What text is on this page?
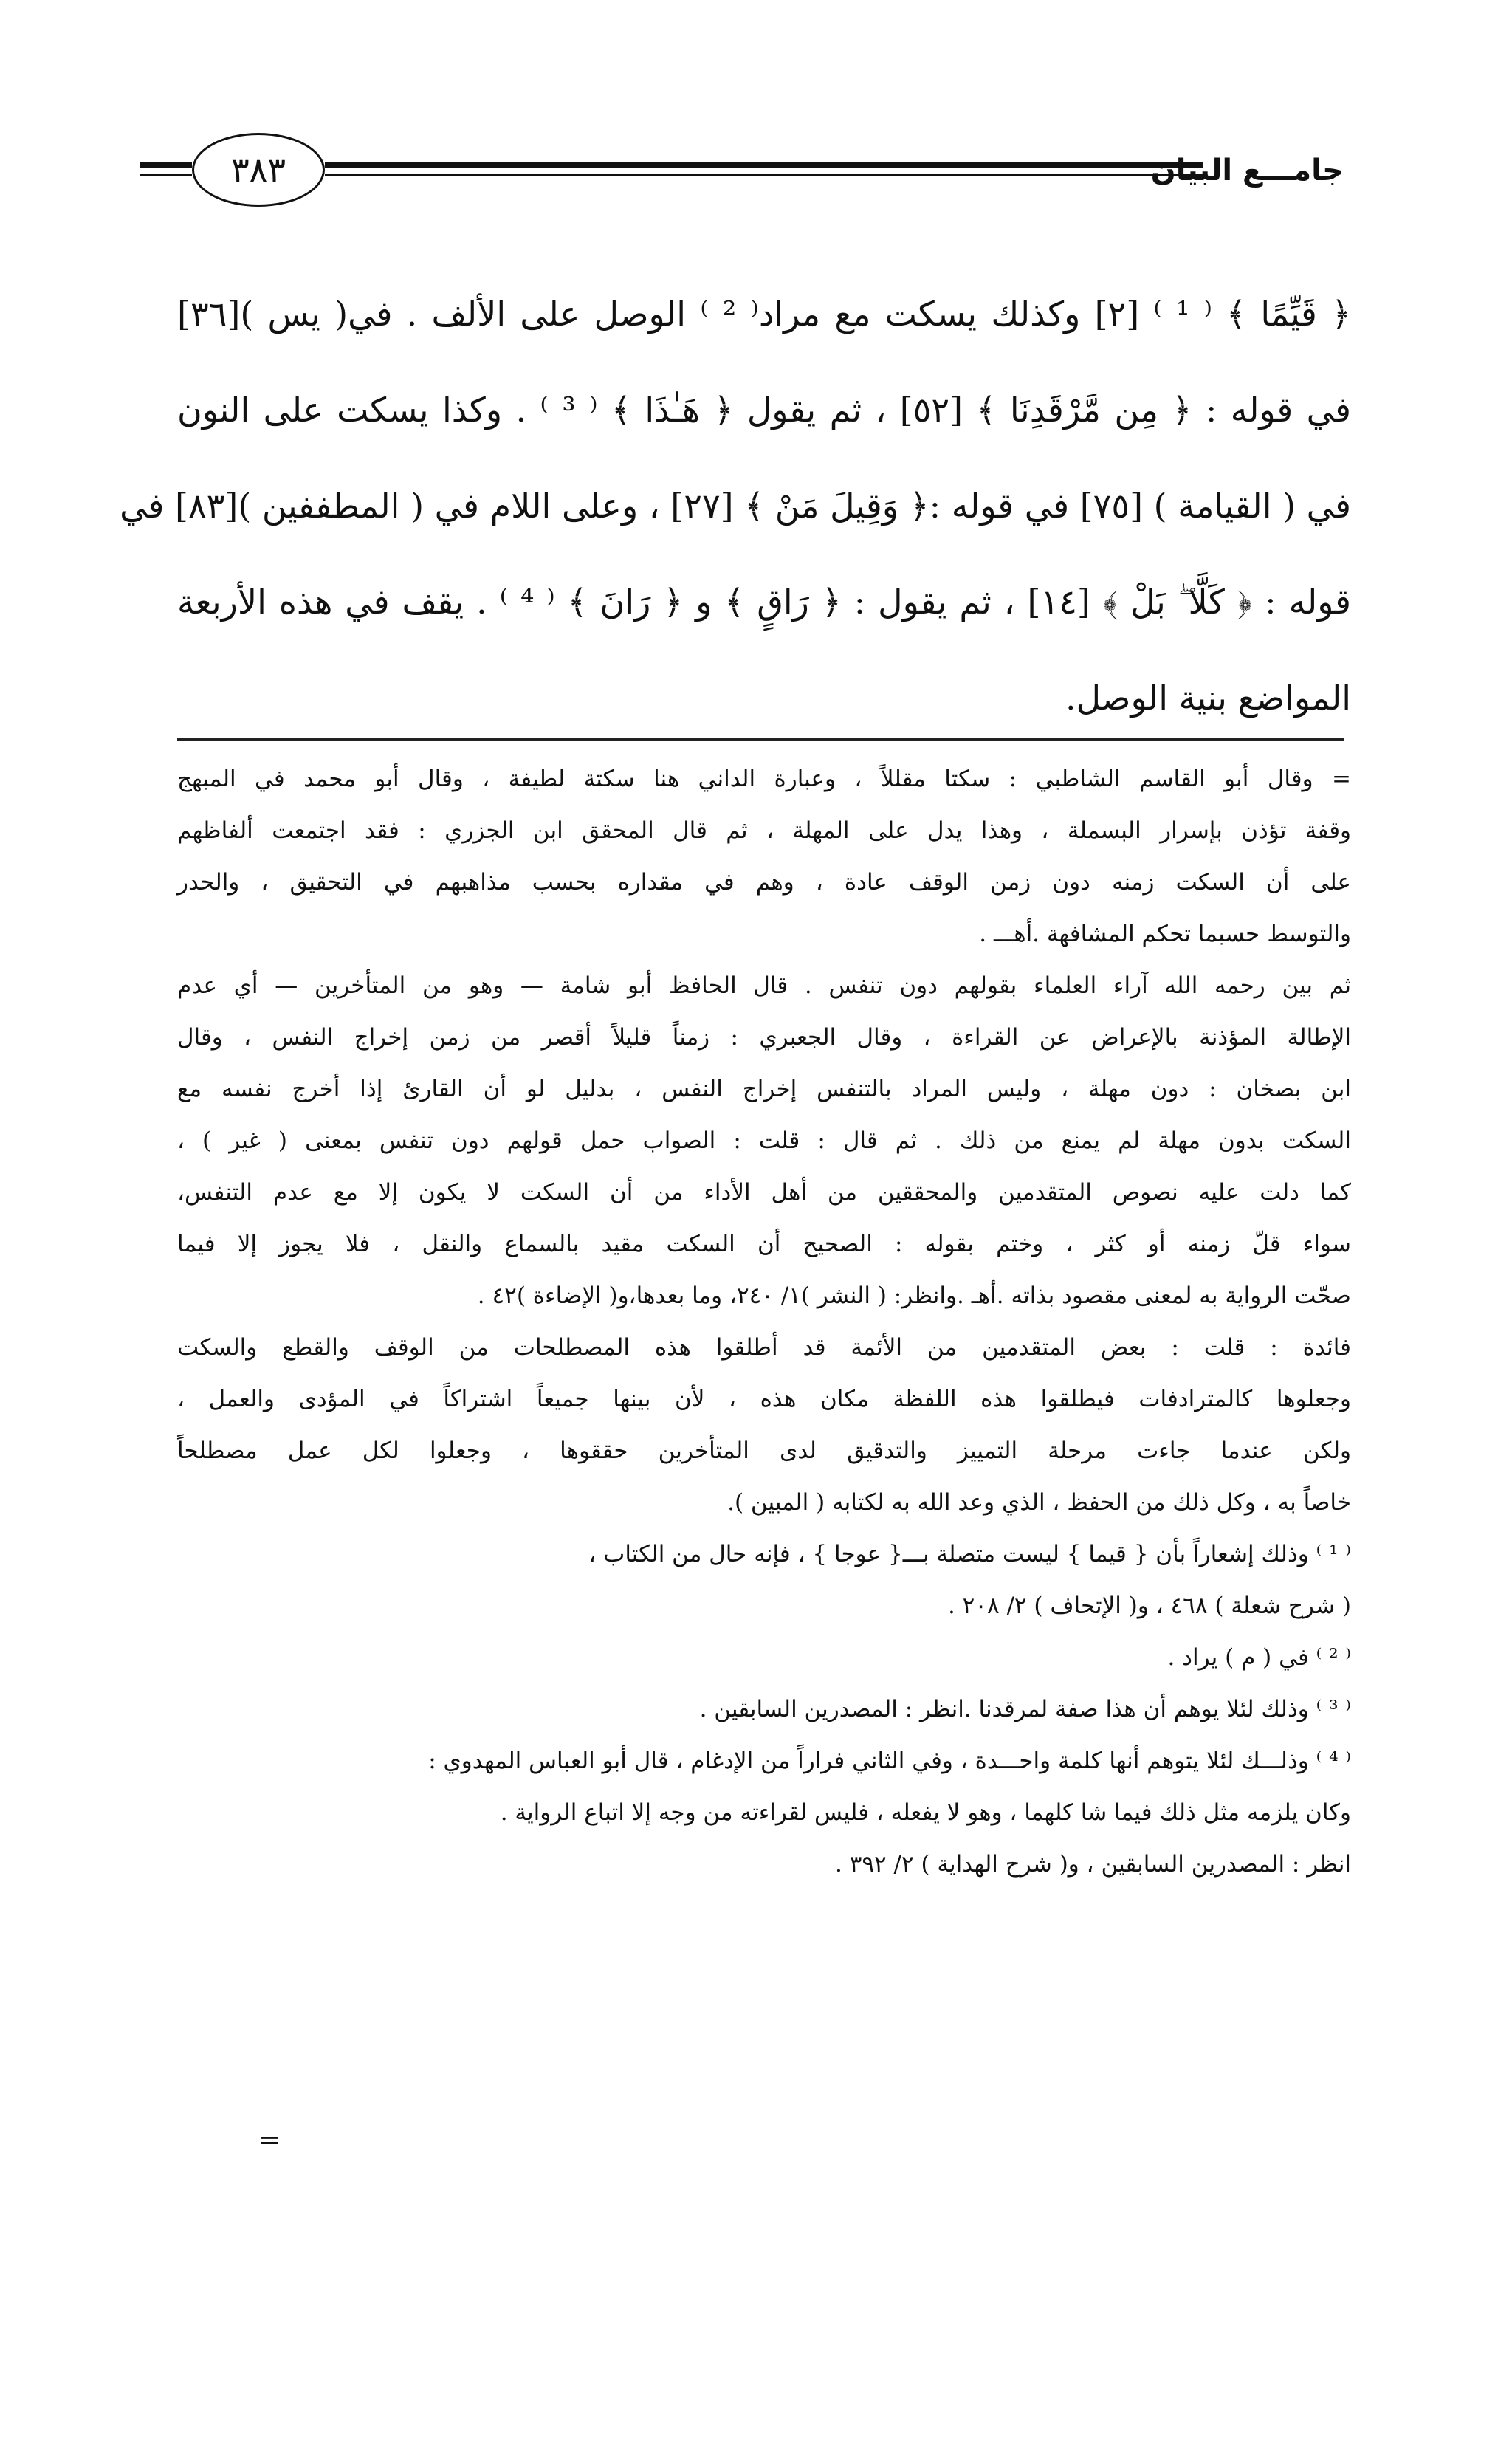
٣٨٣	جامـــع البيان
﴿ قَيِّمًا ﴾ ⁽ ¹ ⁾ [٢] وكذلك يسكت مع مراد⁽ ² ⁾ الوصل على الألف . في( يس )[٣٦]
في قوله : ﴿ مِن مَّرْقَدِنَا ﴾ [٥٢] ، ثم يقول ﴿ هَـٰذَا ﴾ ⁽ ³ ⁾ . وكذا يسكت على النون
في ( القيامة ) [٧٥] في قوله :﴿ وَقِيلَ مَنْ ﴾ [٢٧] ، وعلى اللام في ( المطففين )[٨٣] في
قوله : ﴿ كَلَّا ۖ بَلْ ﴾ [١٤] ، ثم يقول : ﴿ رَاقٍ ﴾ و ﴿ رَانَ ﴾ ⁽ ⁴ ⁾ . يقف في هذه الأربعة
المواضع بنية الوصل.
= وقال أبو القاسم الشاطبي : سكتا مقللاً ، وعبارة الداني هنا سكتة لطيفة ، وقال أبو محمد في المبهج
وقفة تؤذن بإسرار البسملة ، وهذا يدل على المهلة ، ثم قال المحقق ابن الجزري : فقد اجتمعت ألفاظهم
على أن السكت زمنه دون زمن الوقف عادة ، وهم في مقداره بحسب مذاهبهم في التحقيق ، والحدر
والتوسط حسبما تحكم المشافهة .أهـــ .
ثم بين رحمه الله آراء العلماء بقولهم دون تنفس . قال الحافظ أبو شامة — وهو من المتأخرين — أي عدم
الإطالة المؤذنة بالإعراض عن القراءة ، وقال الجعبري : زمناً قليلاً أقصر من زمن إخراج النفس ، وقال
ابن بصخان : دون مهلة ، وليس المراد بالتنفس إخراج النفس ، بدليل لو أن القارئ إذا أخرج نفسه مع
السكت بدون مهلة لم يمنع من ذلك . ثم قال : قلت : الصواب حمل قولهم دون تنفس بمعنى ( غير ) ،
كما دلت عليه نصوص المتقدمين والمحققين من أهل الأداء من أن السكت لا يكون إلا مع عدم التنفس،
سواء قلّ زمنه أو كثر ، وختم بقوله : الصحيح أن السكت مقيد بالسماع والنقل ، فلا يجوز إلا فيما
صحّت الرواية به لمعنى مقصود بذاته .أهـ .وانظر: ( النشر )١/ ٢٤٠، وما بعدها،و( الإضاءة )٤٢ .
فائدة : قلت : بعض المتقدمين من الأئمة قد أطلقوا هذه المصطلحات من الوقف والقطع والسكت
وجعلوها كالمترادفات فيطلقوا هذه اللفظة مكان هذه ، لأن بينها جميعاً اشتراكاً في المؤدى والعمل ،
ولكن عندما جاءت مرحلة التمييز والتدقيق لدى المتأخرين حققوها ، وجعلوا لكل عمل مصطلحاً
خاصاً به ، وكل ذلك من الحفظ ، الذي وعد الله به لكتابه ( المبين ).
⁽ ¹ ⁾ وذلك إشعاراً بأن { قيما } ليست متصلة بـــ{ عوجا } ، فإنه حال من الكتاب ،
( شرح شعلة ) ٤٦٨ ، و( الإتحاف ) ٢/ ٢٠٨ .
⁽ ² ⁾ في ( م ) يراد .
⁽ ³ ⁾ وذلك لئلا يوهم أن هذا صفة لمرقدنا .انظر : المصدرين السابقين .
⁽ ⁴ ⁾ وذلـــك لئلا يتوهم أنها كلمة واحـــدة ، وفي الثاني فراراً من الإدغام ، قال أبو العباس المهدوي :
وكان يلزمه مثل ذلك فيما شا كلهما ، وهو لا يفعله ، فليس لقراءته من وجه إلا اتباع الرواية .
انظر : المصدرين السابقين ، و( شرح الهداية ) ٢/ ٣٩٢ .
=
